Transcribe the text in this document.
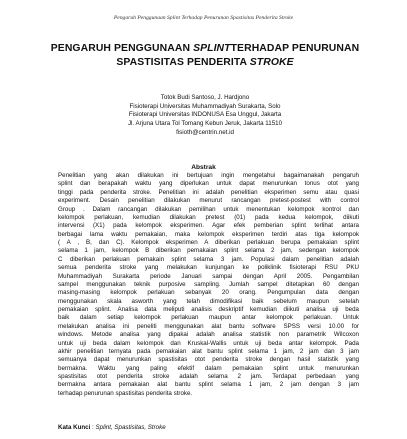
Pengaruh Penggunaan Splint Terhadap Penurunan Spastisitas Penderita Stroke
PENGARUH PENGGUNAAN SPLINTTERHADAP PENURUNAN
SPASTISITAS PENDERITA STROKE
Totok Budi Santoso, J. Hardjono
Fisioterapi Universitas Muhammadiyah Surakarta, Solo
Fisioterapi Universitas INDONUSA Esa Unggul, Jakarta
Jl. Arjuna Utara Tol Tomang Kebun Jeruk, Jakarta 11510
fisioth@centrin.net.id
Abstrak
Penelitian yang akan dilakukan ini bertujuan ingin mengetahui bagaimanakah pengaruh
splint dan berapakah waktu yang diperlukan untuk dapat menurunkan tonus otot yang
tinggi pada penderita stroke. Penelitian ini adalah penelitian eksperimen semu atau quasi
experiment. Desain penelitian dilakukan menurut rancangan pretest-postest with control
Group . Dalam rancangan dilakukan pemilihan untuk menentukan kelompok kontrol dan
kelompok perlakuan, kemudian dilakukan pretest (01) pada kedua kelompok, diikuti
intervensi (X1) pada kelompok eksperimen. Agar efek pemberian splint terlihat antara
berbagai lama waktu pemakaian, maka kelompok eksperimen terdiri atas tiga kelompok
( A , B, dan C). Kelompok eksperimen A diberikan perlakuan berupa pemakaian splint
selama 1 jam, kelompok B diberikan pemakaian splint selama 2 jam, sedengan kelompok
C diberikan perlakuan pemakain splint selama 3 jam. Populasi dalam penelitian adalah
semua penderita stroke yang melakukan kunjungan ke poliklinik fisioterapi RSU PKU
Muhammadiyah Surakarta periode Januari sampai dengan April 2005. Pengambilan
sampel menggunakan teknik purposive sampling. Jumlah sampel ditetapkan 60 dengan
masing-masing kelompok perlakuan sebanyak 20 orang. Pengumpulan data dengan
menggunakan skala asworth yang telah dimodifikasi baik sebelum maupun setelah
pemakaian splint. Analisa data meliputi analisis deskriptif kemudian diikuti analisa uji beda
baik dalam setiap kelompok perlakuan maupun antar kelompok perlakuan. Untuk
melakukan analisa ini peneliti menggunakan alat bantu software SPSS versi 10.00 for
windows. Metode analisa yang dipakai adalah analisa statistik non parametrik Wilcoxon
untuk uji beda dalam kelompok dan Kruskal-Wallis untuk uji beda antar kelompok. Pada
akhir penelitian ternyata pada pemakaian alat bantu splint selama 1 jam, 2 jam dan 3 jam
semuanya dapat menurunkan spastisitas otot penderita stroke dengan hasil statistik yang
bermakna. Waktu yang paling efektif dalam pemakaian splint untuk menurunkan
spastisitas otot penderita stroke adalah selama 2 jam. Terdapat perbedaan yang
bermakna antara pemakaian alat bantu splint selama 1 jam, 2 jam dengan 3 jam
terhadap penurunan spastisitas penderita stroke.
Kata Kunci : Splint, Spastisitas, Stroke
